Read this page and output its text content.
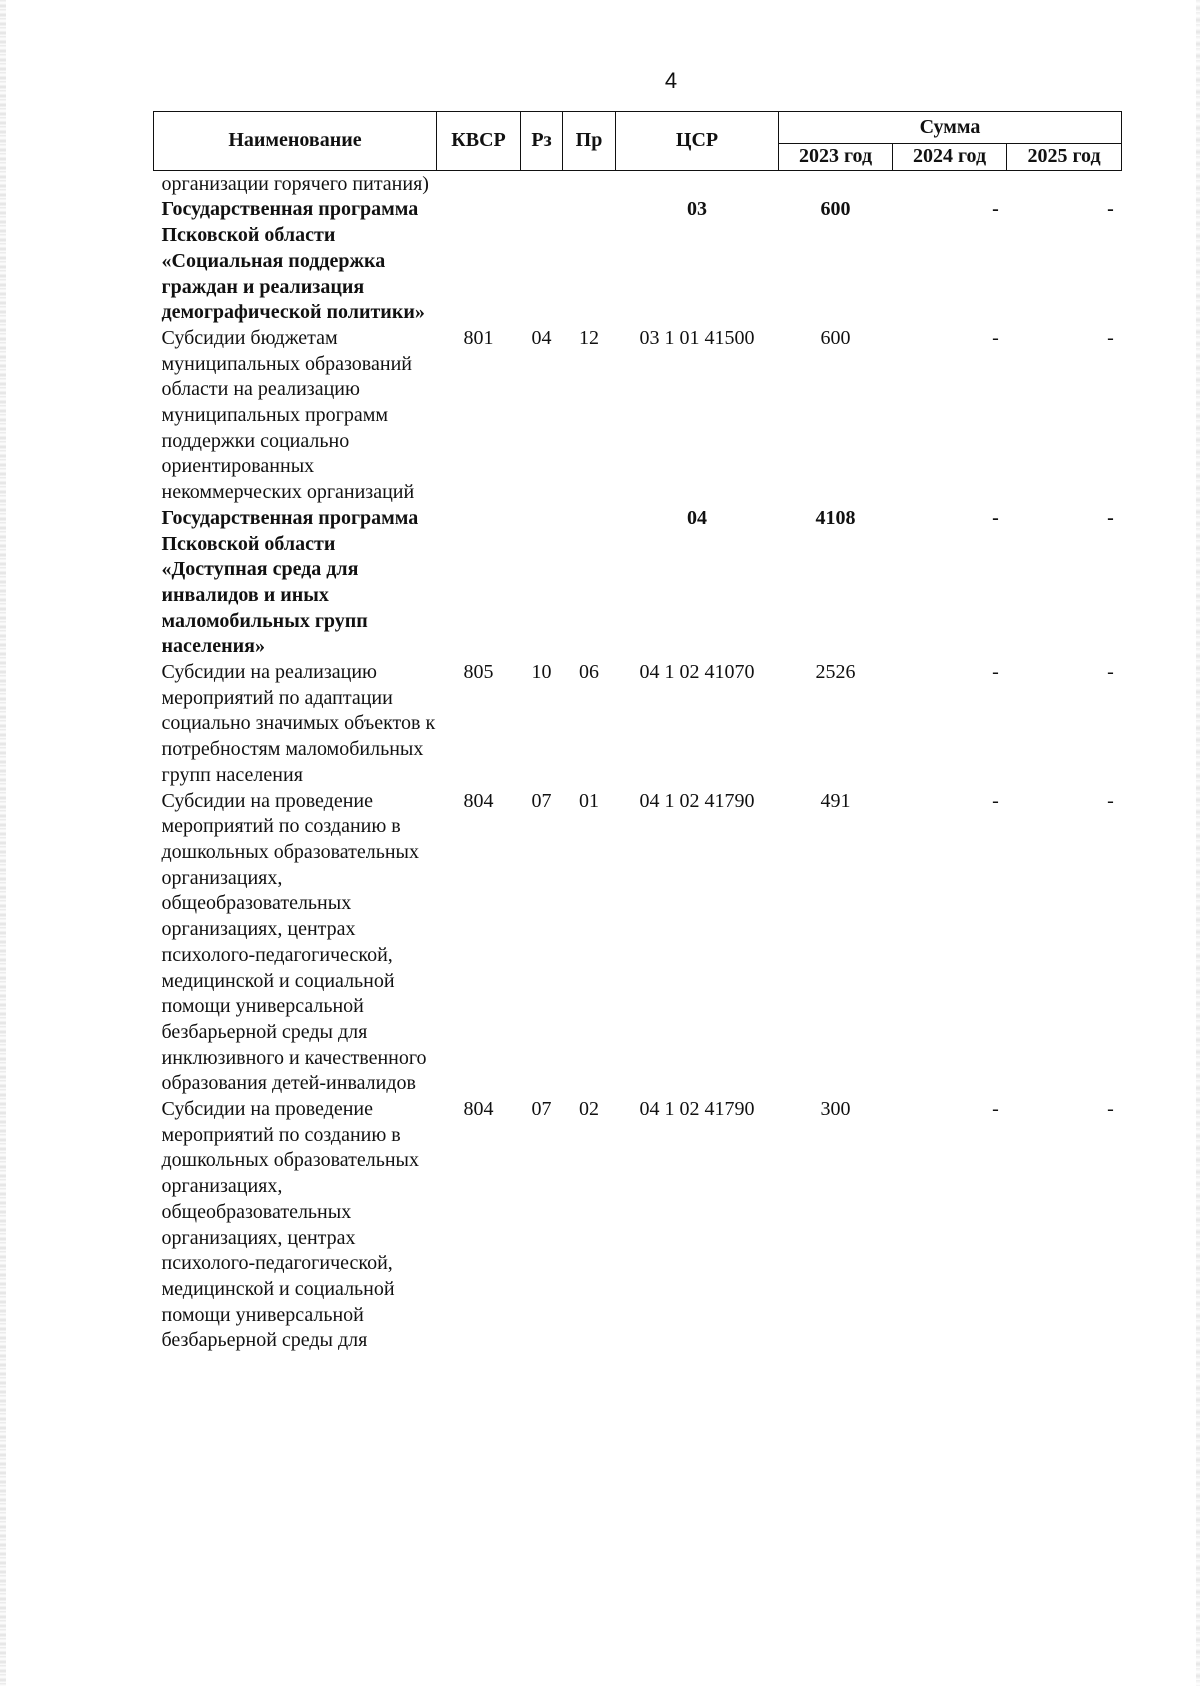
4
Наименование	КВСР	Рз	Пр	ЦСР	Сумма		
					2023 год	2024 год	2025 год
организации горячего питания)							
Государственная программа Псковской области «Социальная поддержка граждан и реализация демографической политики»				03	600	-	-
Субсидии бюджетам муниципальных образований области на реализацию муниципальных программ поддержки социально ориентированных некоммерческих организаций	801	04	12	03 1 01 41500	600	-	-
Государственная программа Псковской области «Доступная среда для инвалидов и иных маломобильных групп населения»				04	4108	-	-
Субсидии на реализацию мероприятий по адаптации социально значимых объектов к потребностям маломобильных групп населения	805	10	06	04 1 02 41070	2526	-	-
Субсидии на проведение мероприятий по созданию в дошкольных образовательных организациях, общеобразовательных организациях, центрах психолого-педагогической, медицинской и социальной помощи универсальной безбарьерной среды для инклюзивного и качественного образования детей-инвалидов	804	07	01	04 1 02 41790	491	-	-
Субсидии на проведение мероприятий по созданию в дошкольных образовательных организациях, общеобразовательных организациях, центрах психолого-педагогической, медицинской и социальной помощи универсальной безбарьерной среды для	804	07	02	04 1 02 41790	300	-	-
